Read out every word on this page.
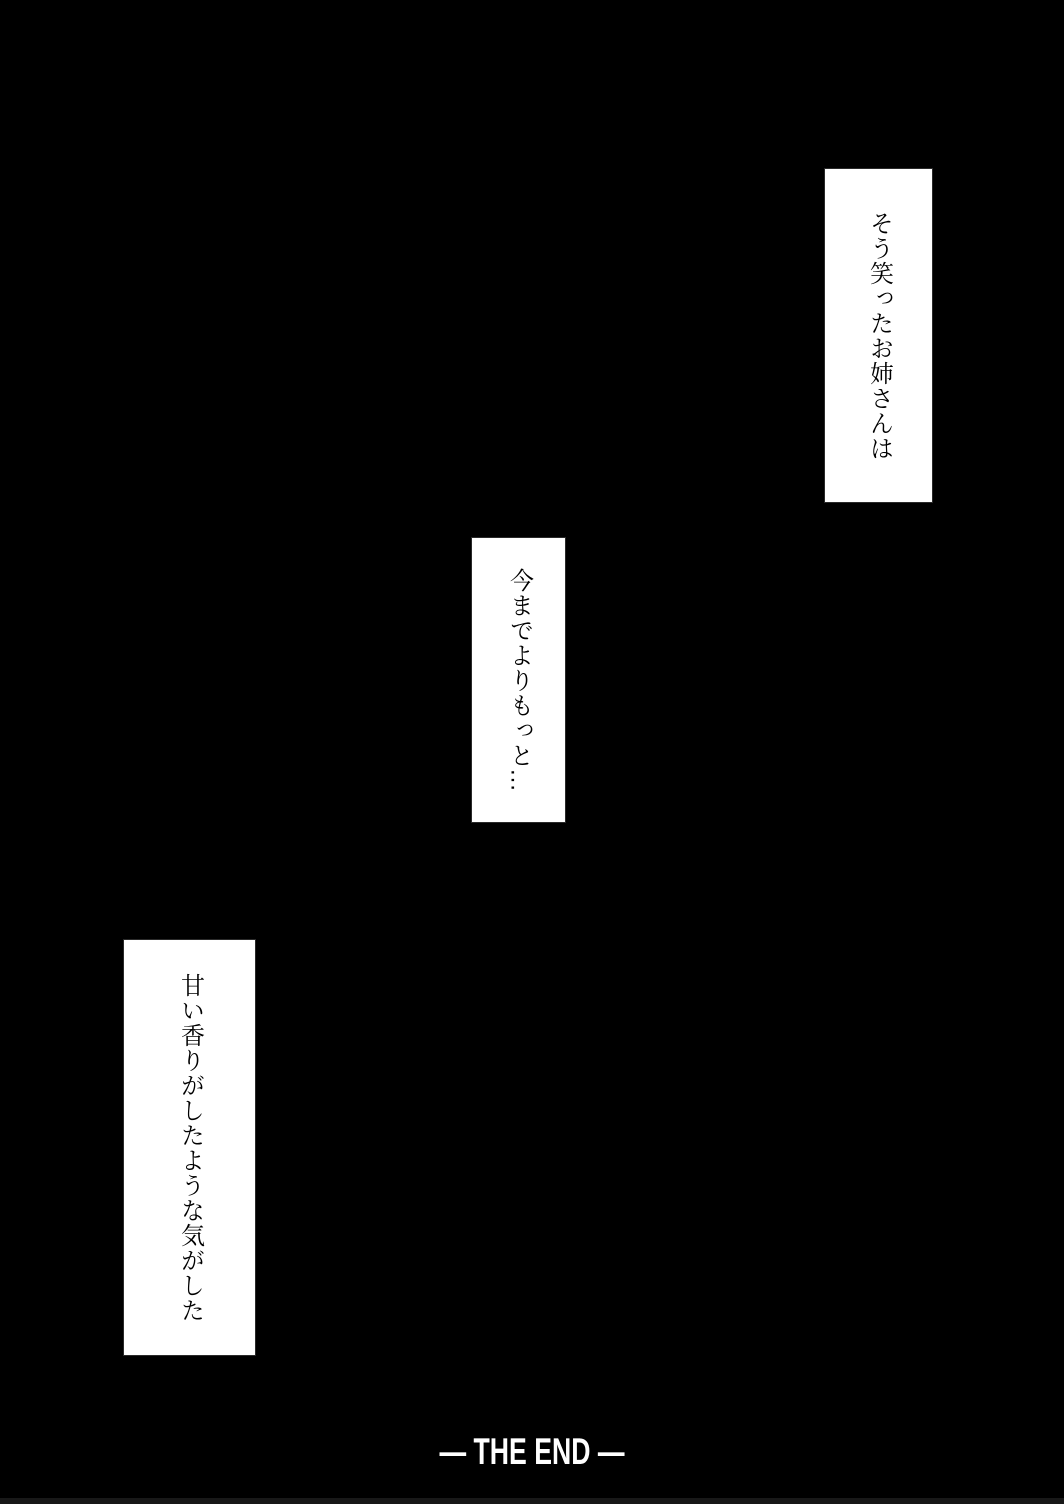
そう笑ったお姉さんは
今までよりもっと…
甘い香りがしたような気がした
— THE END —
